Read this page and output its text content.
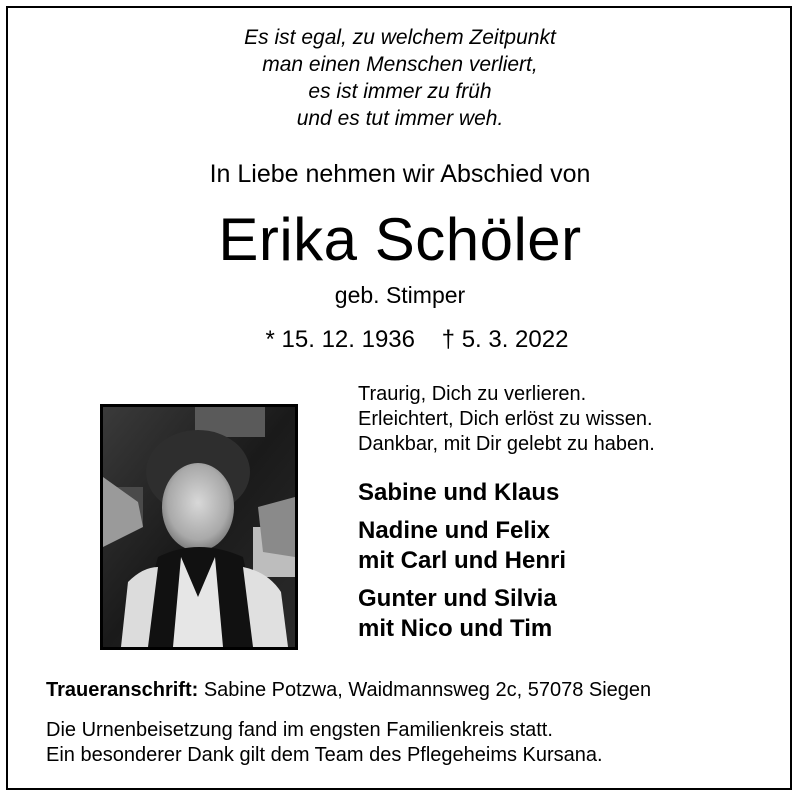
Es ist egal, zu welchem Zeitpunkt
man einen Menschen verliert,
es ist immer zu früh
und es tut immer weh.
In Liebe nehmen wir Abschied von
Erika Schöler
geb. Stimper
* 15. 12. 1936 † 5. 3. 2022
Traurig, Dich zu verlieren.
Erleichtert, Dich erlöst zu wissen.
Dankbar, mit Dir gelebt zu haben.
Sabine und Klaus
Nadine und Felix
mit Carl und Henri
Gunter und Silvia
mit Nico und Tim
Traueranschrift: Sabine Potzwa, Waidmannsweg 2c, 57078 Siegen
Die Urnenbeisetzung fand im engsten Familienkreis statt.
Ein besonderer Dank gilt dem Team des Pflegeheims Kursana.
